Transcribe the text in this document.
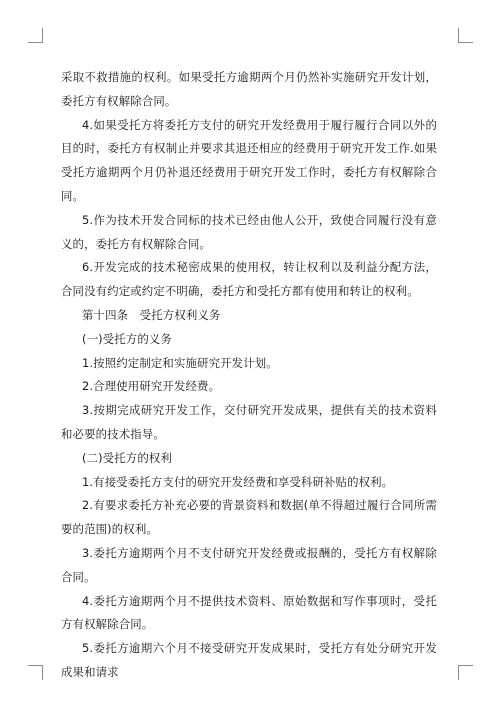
采取不救措施的权利。如果受托方逾期两个月仍然补实施研究开发计划，委托方有权解除合同。

4.如果受托方将委托方支付的研究开发经费用于履行履行合同以外的目的时，委托方有权制止并要求其退还相应的经费用于研究开发工作.如果受托方逾期两个月仍补退还经费用于研究开发工作时，委托方有权解除合同。

5.作为技术开发合同标的技术已经由他人公开，致使合同履行没有意义的，委托方有权解除合同。

6.开发完成的技术秘密成果的使用权，转让权利以及利益分配方法，合同没有约定或约定不明确，委托方和受托方都有使用和转让的权利。

第十四条　受托方权利义务

(一)受托方的义务

1.按照约定制定和实施研究开发计划。

2.合理使用研究开发经费。

3.按期完成研究开发工作，交付研究开发成果，提供有关的技术资料和必要的技术指导。

(二)受托方的权利

1.有接受委托方支付的研究开发经费和享受科研补贴的权利。

2.有要求委托方补充必要的背景资料和数据(单不得超过履行合同所需要的范围)的权利。

3.委托方逾期两个月不支付研究开发经费或报酬的，受托方有权解除合同。

4.委托方逾期两个月不提供技术资料、原始数据和写作事项时，受托方有权解除合同。

5.委托方逾期六个月不接受研究开发成果时，受托方有处分研究开发成果和请求
